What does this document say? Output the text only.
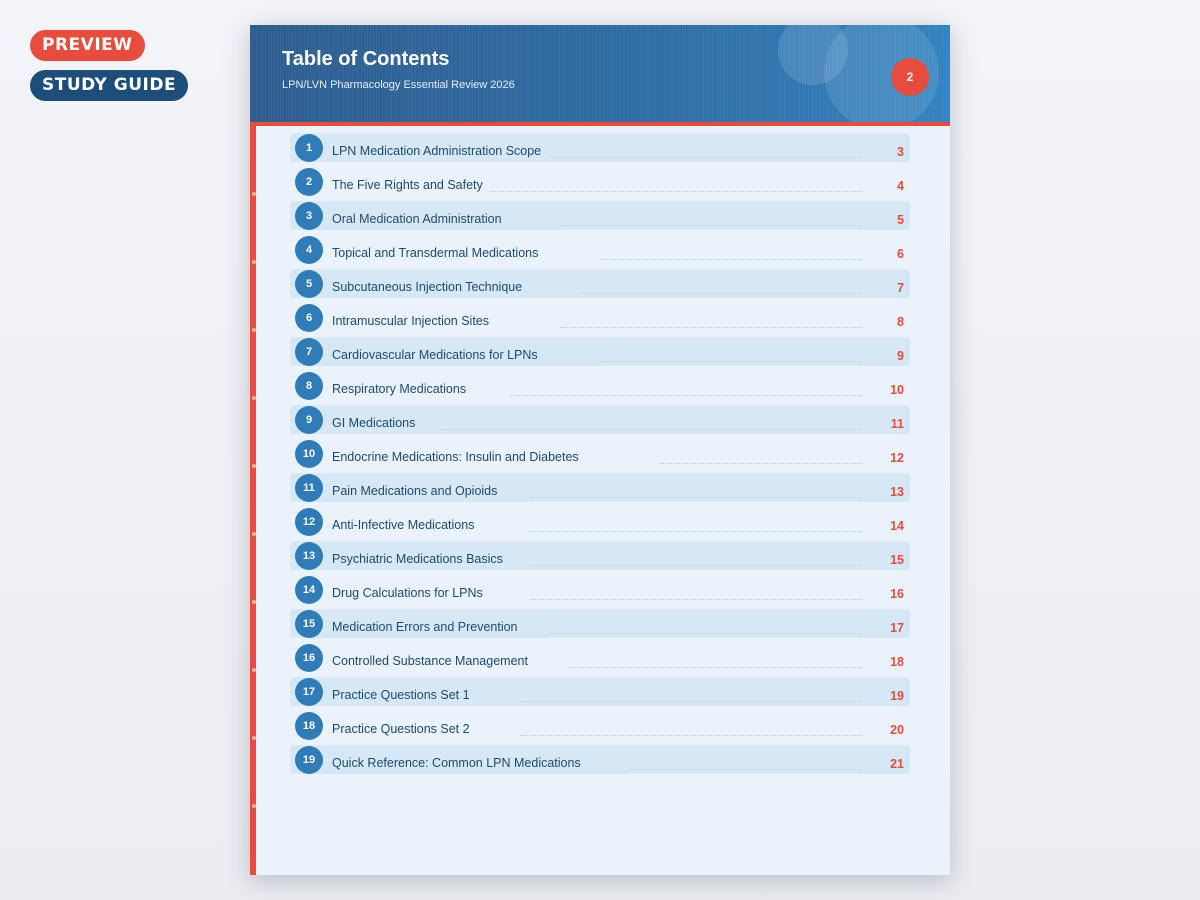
PREVIEW
STUDY GUIDE
Table of Contents
LPN/LVN Pharmacology Essential Review 2026
2
1	LPN Medication Administration Scope	3
2	The Five Rights and Safety	4
3	Oral Medication Administration	5
4	Topical and Transdermal Medications	6
5	Subcutaneous Injection Technique	7
6	Intramuscular Injection Sites	8
7	Cardiovascular Medications for LPNs	9
8	Respiratory Medications	10
9	GI Medications	11
10	Endocrine Medications: Insulin and Diabetes	12
11	Pain Medications and Opioids	13
12	Anti-Infective Medications	14
13	Psychiatric Medications Basics	15
14	Drug Calculations for LPNs	16
15	Medication Errors and Prevention	17
16	Controlled Substance Management	18
17	Practice Questions Set 1	19
18	Practice Questions Set 2	20
19	Quick Reference: Common LPN Medications	21
